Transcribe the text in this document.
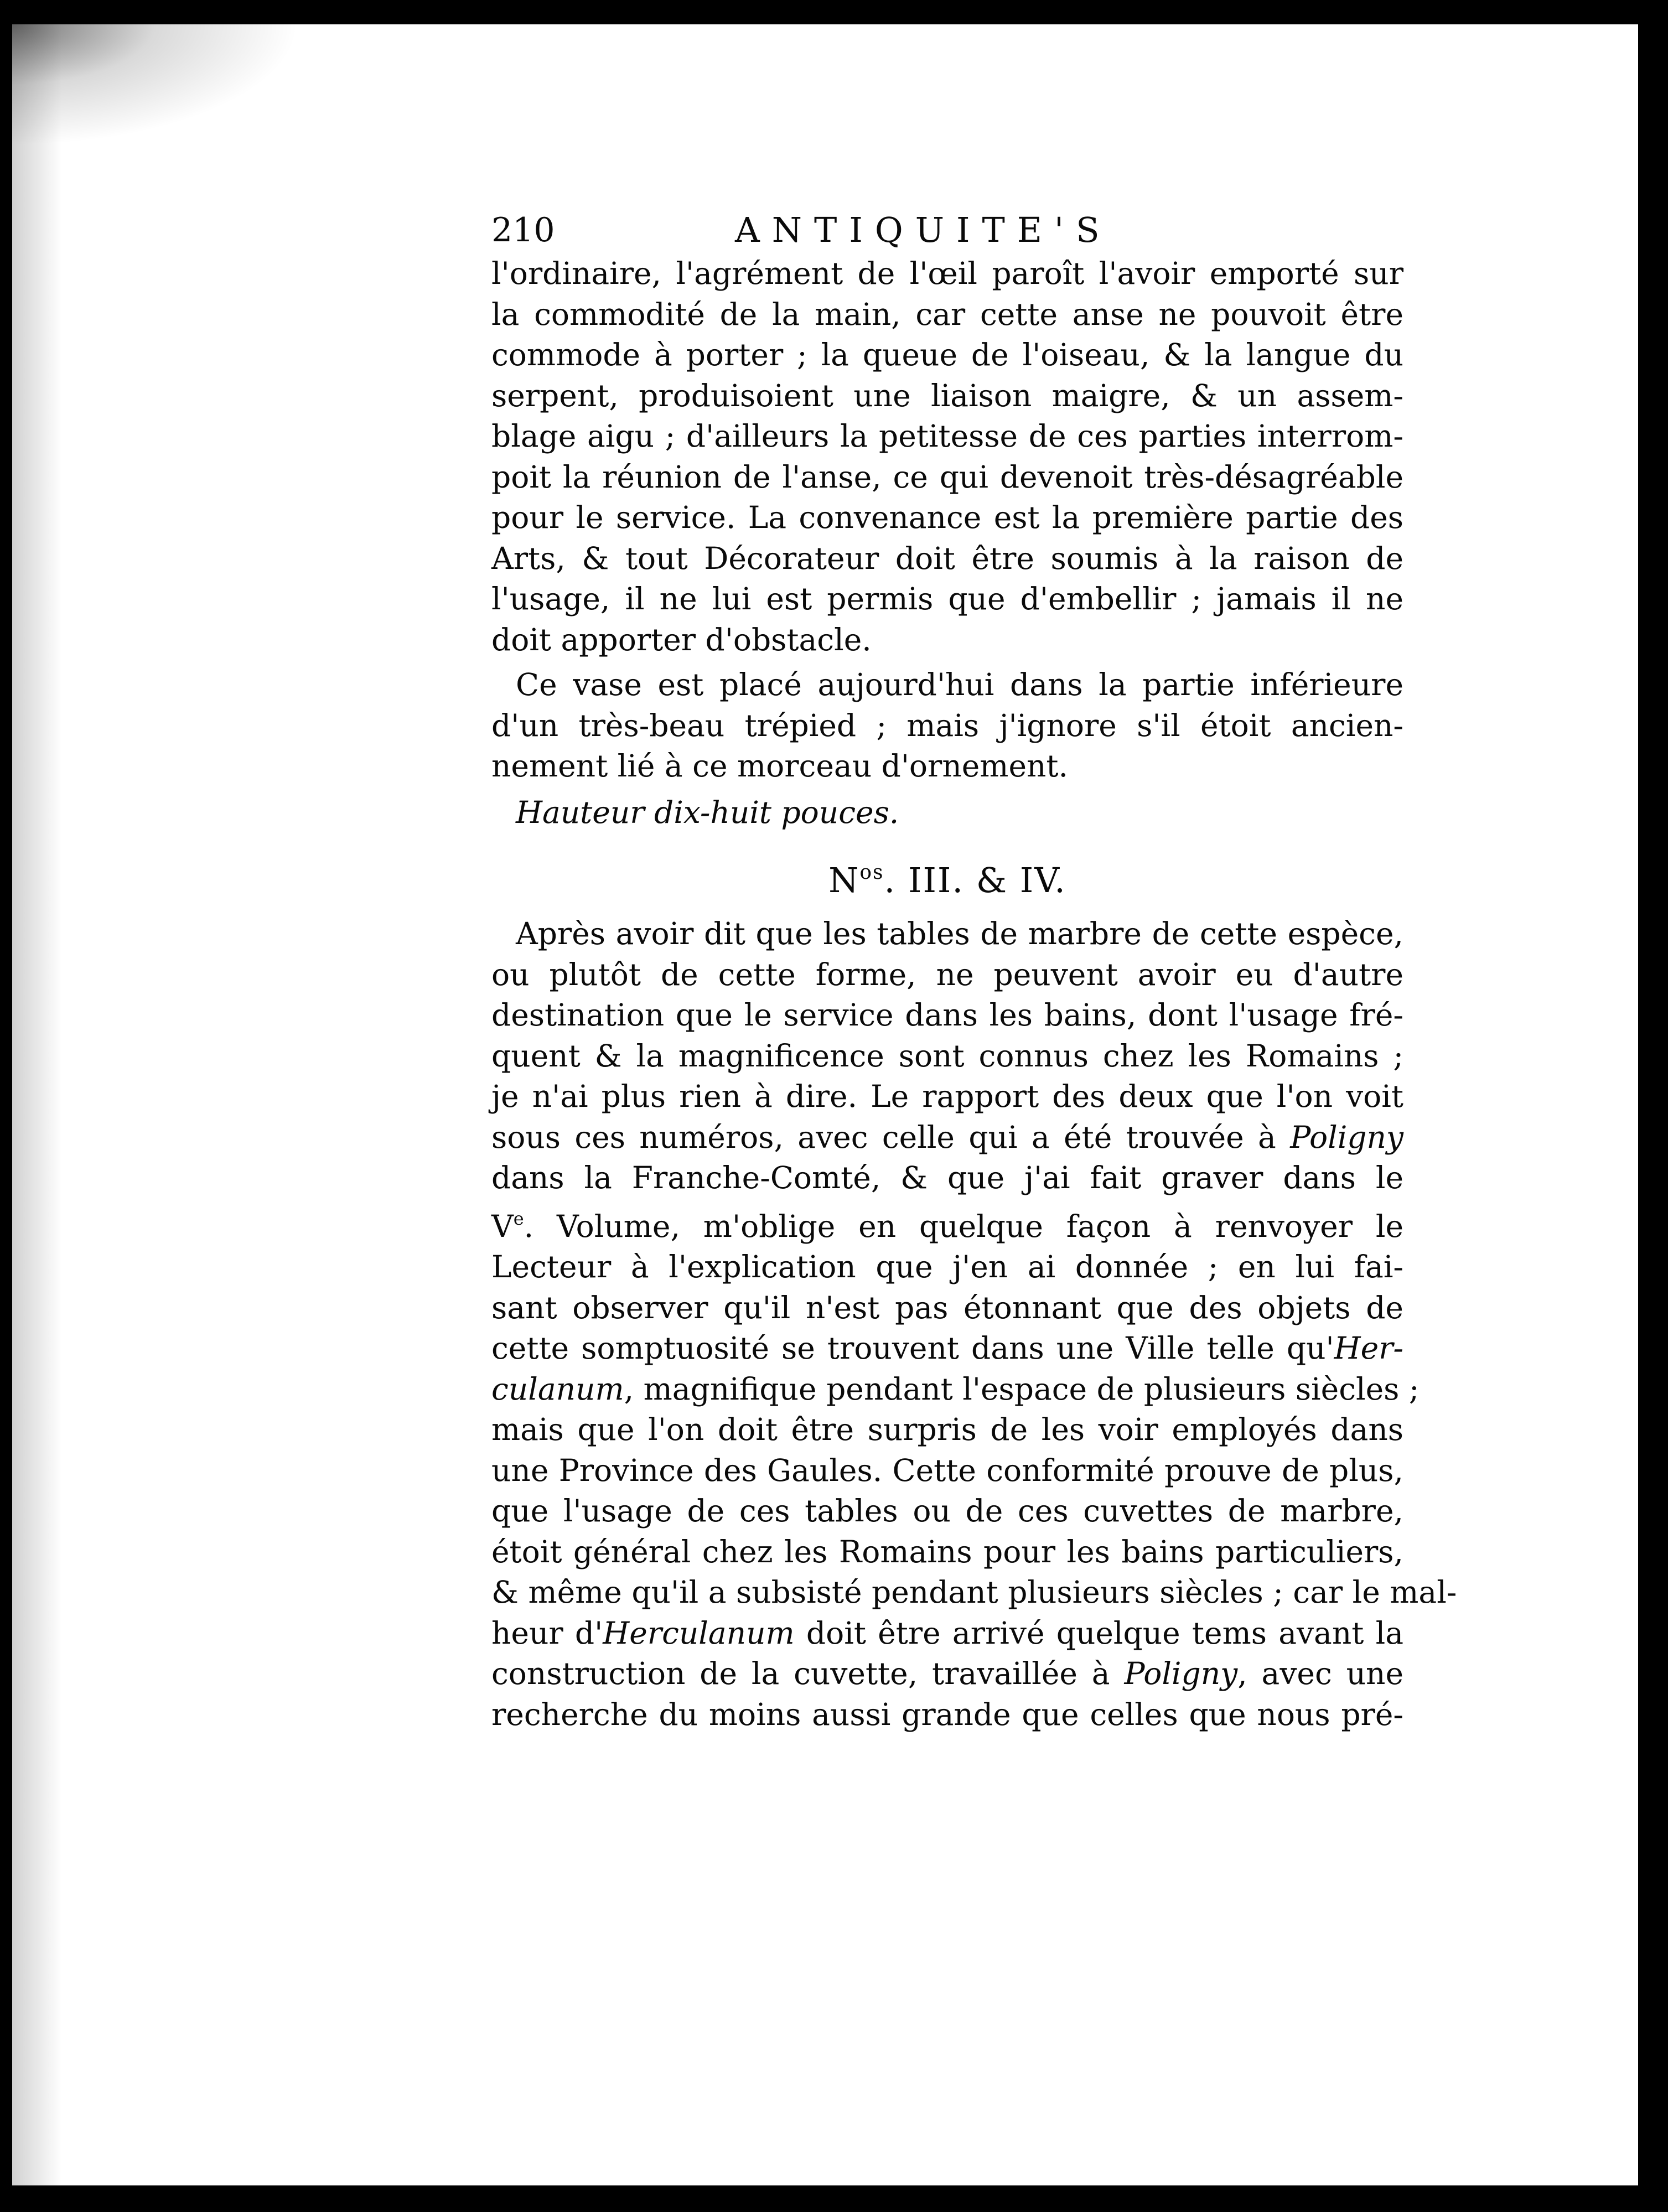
210	ANTIQUITE'S
l'ordinaire, l'agrément de l'œil paroît l'avoir emporté sur
la commodité de la main, car cette anse ne pouvoit être
commode à porter ; la queue de l'oiseau, & la langue du
serpent, produisoient une liaison maigre, & un assem-
blage aigu ; d'ailleurs la petitesse de ces parties interrom-
poit la réunion de l'anse, ce qui devenoit très-désagréable
pour le service. La convenance est la première partie des
Arts, & tout Décorateur doit être soumis à la raison de
l'usage, il ne lui est permis que d'embellir ; jamais il ne
doit apporter d'obstacle.
Ce vase est placé aujourd'hui dans la partie inférieure
d'un très-beau trépied ; mais j'ignore s'il étoit ancien-
nement lié à ce morceau d'ornement.
Hauteur dix-huit pouces.
$N^{os}$. III. & IV.
Après avoir dit que les tables de marbre de cette espèce,
ou plutôt de cette forme, ne peuvent avoir eu d'autre
destination que le service dans les bains, dont l'usage fré-
quent & la magnificence sont connus chez les Romains ;
je n'ai plus rien à dire. Le rapport des deux que l'on voit
sous ces numéros, avec celle qui a été trouvée à Poligny
dans la Franche-Comté, & que j'ai fait graver dans le
Ve. Volume, m'oblige en quelque façon à renvoyer le
Lecteur à l'explication que j'en ai donnée ; en lui fai-
sant observer qu'il n'est pas étonnant que des objets de
cette somptuosité se trouvent dans une Ville telle qu'Her-
culanum, magnifique pendant l'espace de plusieurs siècles ;
mais que l'on doit être surpris de les voir employés dans
une Province des Gaules. Cette conformité prouve de plus,
que l'usage de ces tables ou de ces cuvettes de marbre,
étoit général chez les Romains pour les bains particuliers,
& même qu'il a subsisté pendant plusieurs siècles ; car le mal-
heur d'Herculanum doit être arrivé quelque tems avant la
construction de la cuvette, travaillée à Poligny, avec une
recherche du moins aussi grande que celles que nous pré-
